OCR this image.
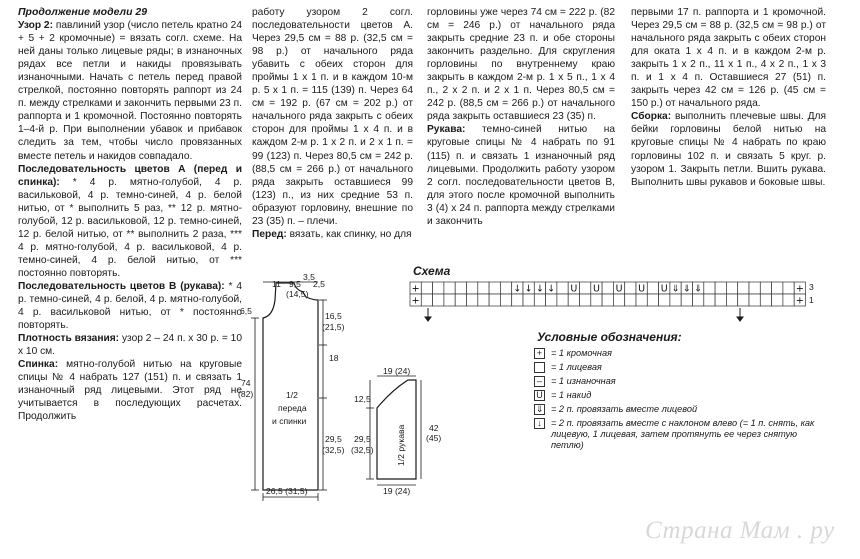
Продолжение модели 29

Узор 2: павлиний узор (число петель кратно 24 + 5 + 2 кромочные) = вязать согл. схеме. На ней даны только лицевые ряды; в изнаночных рядах все петли и накиды провязывать изнаночными. Начать с петель перед правой стрелкой, постоянно повторять раппорт из 24 п. между стрелками и закончить первыми 23 п. раппорта и 1 кромочной. Постоянно повторять 1–4-й р. При выполнении убавок и прибавок следить за тем, чтобы число провязанных вместе петель и накидов совпадало.

Последовательность цветов А (перед и спинка): * 4 р. мятно-голубой, 4 р. васильковой, 4 р. темно-синей, 4 р. белой нитью, от * выполнить 5 раз, ** 12 р. мятно-голубой, 12 р. васильковой, 12 р. темно-синей, 12 р. белой нитью, от ** выполнить 2 раза, *** 4 р. мятно-голубой, 4 р. васильковой, 4 р. темно-синей, 4 р. белой нитью, от *** постоянно повторять.

Последовательность цветов В (рукава): * 4 р. темно-синей, 4 р. белой, 4 р. мятно-голубой, 4 р. васильковой нитью, от * постоянно повторять.

Плотность вязания: узор 2 – 24 п. х 30 р. = 10 х 10 см.

Спинка: мятно-голубой нитью на круговые спицы № 4 набрать 127 (151) п. и связать 1 изнаночный ряд лицевыми. Этот ряд не учитывается в последующих расчетах. Продолжить

работу узором 2 согл. последовательности цветов А. Через 29,5 см = 88 р. (32,5 см = 98 р.) от начального ряда убавить с обеих сторон для проймы 1 х 1 п. и в каждом 10-м р. 5 х 1 п. = 115 (139) п. Через 64 см = 192 р. (67 см = 202 р.) от начального ряда закрыть с обеих сторон для проймы 1 х 4 п. и в каждом 2-м р. 1 х 2 п. и 2 х 1 п. = 99 (123) п. Через 80,5 см = 242 р. (88,5 см = 266 р.) от начального ряда закрыть оставшиеся 99 (123) п., из них средние 53 п. образуют горловину, внешние по 23 (35) п. – плечи.

Перед: вязать, как спинку, но для

горловины уже через 74 см = 222 р. (82 см = 246 р.) от начального ряда закрыть средние 23 п. и обе стороны закончить раздельно. Для скругления горловины по внутреннему краю закрыть в каждом 2-м р. 1 х 5 п., 1 х 4 п., 2 х 2 п. и 2 х 1 п. Через 80,5 см = 242 р. (88,5 см = 266 р.) от начального ряда закрыть оставшиеся 23 (35) п.

Рукава: темно-синей нитью на круговые спицы № 4 набрать по 91 (115) п. и связать 1 изнаночный ряд лицевыми. Продолжить работу узором 2 согл. последовательности цветов В, для этого после кромочной выполнить 3 (4) х 24 п. раппорта между стрелками и закончить

первыми 17 п. раппорта и 1 кромочной. Через 29,5 см = 88 р. (32,5 см = 98 р.) от начального ряда закрыть с обеих сторон для оката 1 х 4 п. и в каждом 2-м р. закрыть 1 х 2 п., 11 х 1 п., 4 х 2 п., 1 х 3 п. и 1 х 4 п. Оставшиеся 27 (51) п. закрыть через 42 см = 126 р. (45 см = 150 р.) от начального ряда.

Сборка: выполнить плечевые швы. Для бейки горловины белой нитью на круговые спицы № 4 набрать по краю горловины 102 п. и связать 5 круг. р. узором 1. Закрыть петли. Вшить рукава. Выполнить швы рукавов и боковые швы.

11 9,5
(14,5)
3,5
2,5
6,5
74
(82)
16,5
(21,5)
18
29,5
(32,5)
26,5 (31,5)
1/2
переда
и спинки
19 (24)
12,5
29,5
(32,5)
42
(45)
19 (24)
1/2 рукава
+	↓ ↓ ↓ ↓ U U U U U ⇓ ⇓ ⇓	+
+	+
3
1
Схема
Условные обозначения:
+ = 1 кромочная
= 1 лицевая
– = 1 изнаночная
U = 1 накид
⇓ = 2 п. провязать вместе лицевой
↓	= 2 п. провязать вместе с наклоном влево (= 1 п. снять, как лицевую, 1 лицевая, затем протянуть ее через снятую петлю)
Страна Мам . ру
